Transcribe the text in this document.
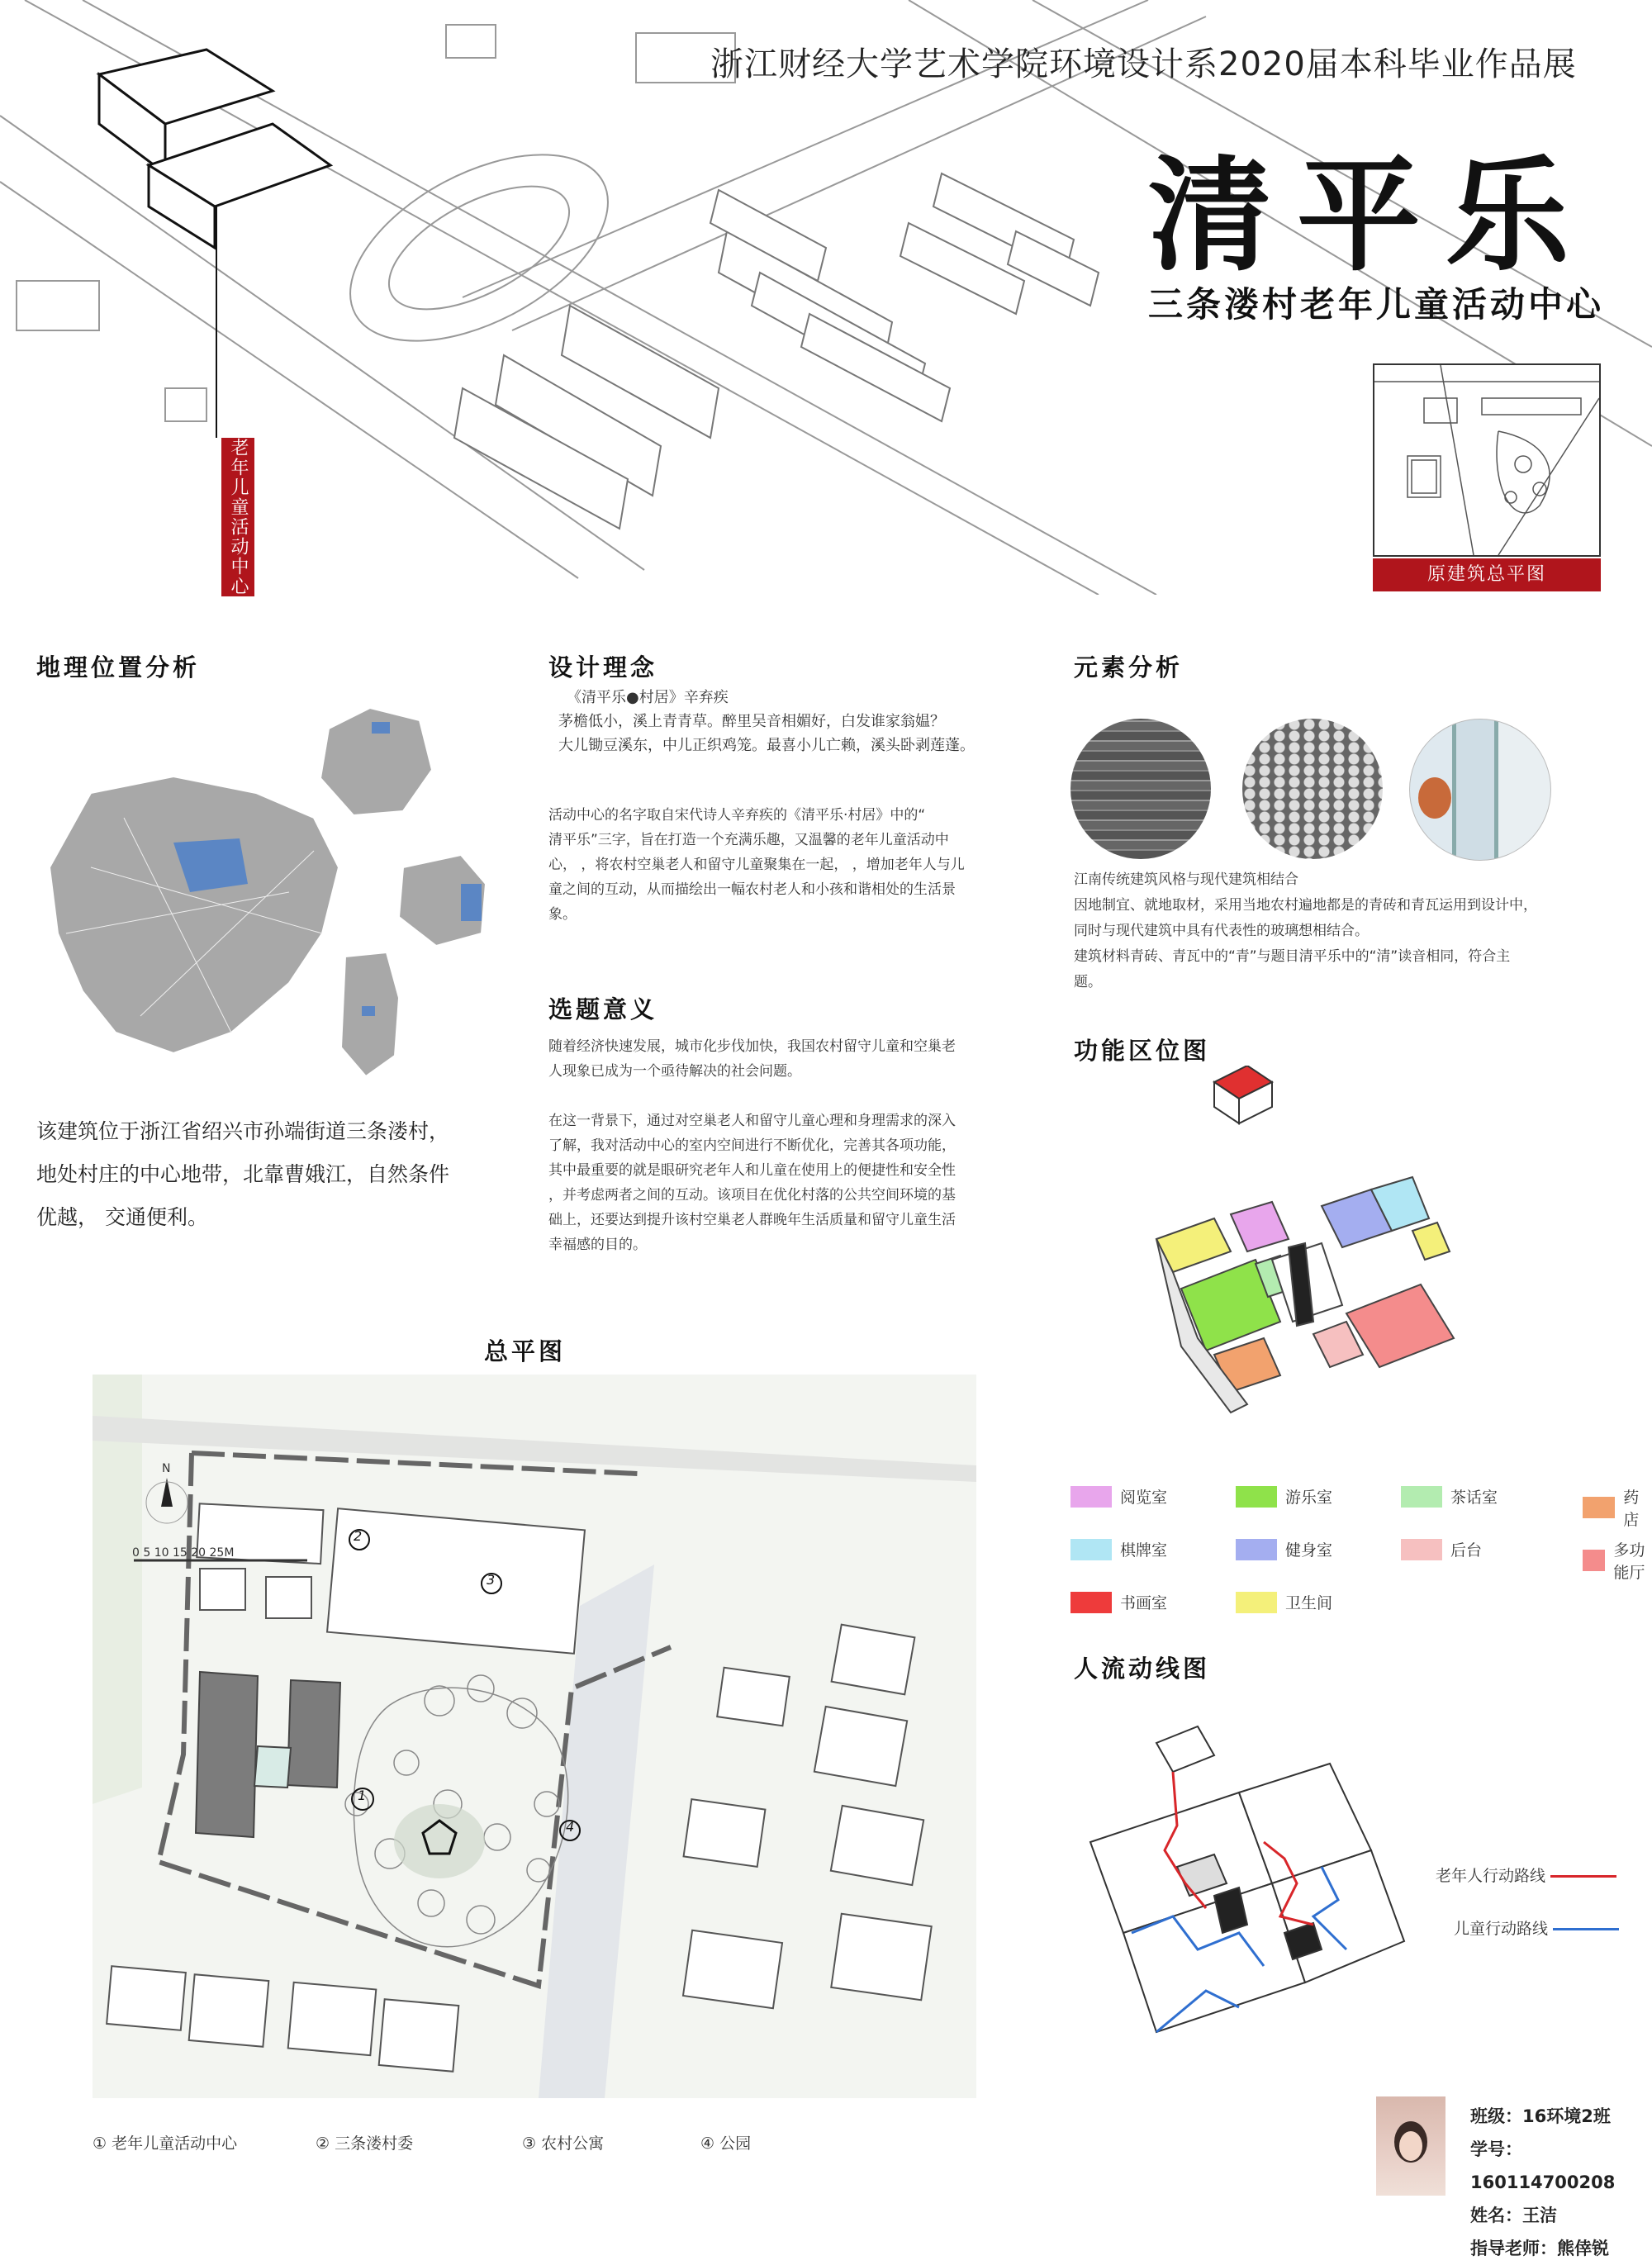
浙江财经大学艺术学院环境设计系2020届本科毕业作品展
清平乐
三条溇村老年儿童活动中心
老年儿童活动中心	原建筑总平图
地理位置分析
该建筑位于浙江省绍兴市孙端街道三条溇村，
地处村庄的中心地带，北靠曹娥江，自然条件
优越， 交通便利。
设计理念
《清平乐●村居》辛弃疾
茅檐低小，溪上青青草。醉里吴音相媚好，白发谁家翁媪？
大儿锄豆溪东，中儿正织鸡笼。最喜小儿亡赖，溪头卧剥莲蓬。
活动中心的名字取自宋代诗人辛弃疾的《清平乐·村居》中的“
清平乐”三字，旨在打造一个充满乐趣，又温馨的老年儿童活动中
心， ，将农村空巢老人和留守儿童聚集在一起， ，增加老年人与儿
童之间的互动，从而描绘出一幅农村老人和小孩和谐相处的生活景
象。
选题意义
随着经济快速发展，城市化步伐加快，我国农村留守儿童和空巢老
人现象已成为一个亟待解决的社会问题。
在这一背景下，通过对空巢老人和留守儿童心理和身理需求的深入
了解，我对活动中心的室内空间进行不断优化，完善其各项功能，
其中最重要的就是眼研究老年人和儿童在使用上的便捷性和安全性
，并考虑两者之间的互动。该项目在优化村落的公共空间环境的基
础上，还要达到提升该村空巢老人群晚年生活质量和留守儿童生活
幸福感的目的。
元素分析
江南传统建筑风格与现代建筑相结合
因地制宜、就地取材，采用当地农村遍地都是的青砖和青瓦运用到设计中，
同时与现代建筑中具有代表性的玻璃想相结合。
建筑材料青砖、青瓦中的“青”与题目清平乐中的“清”读音相同，符合主
题。
功能区位图
阅览室	游乐室	茶话室	药店
棋牌室	健身室	后台	多功能厅
书画室	卫生间
人流动线图
老年人行动路线
儿童行动路线
总平图
N
0 5 10 15 20 25M
2
3
1
4
① 老年儿童活动中心	② 三条溇村委	③ 农村公寓	④ 公园
班级：16环境2班
学号：160114700208
姓名：王洁
指导老师：熊倖锐
